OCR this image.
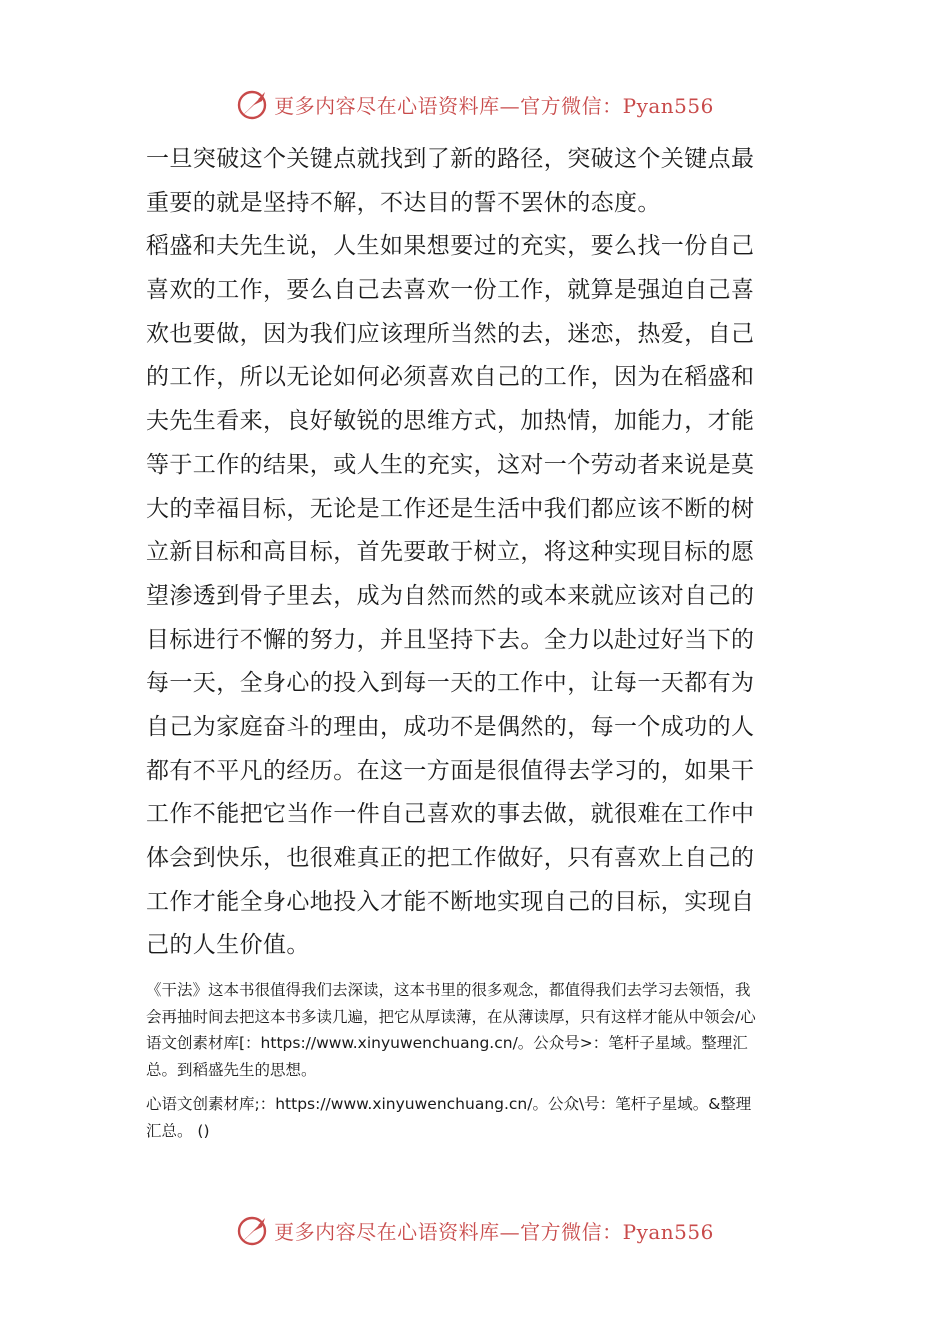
更多内容尽在心语资料库—官方微信：Pyan556
一旦突破这个关键点就找到了新的路径，突破这个关键点最
重要的就是坚持不解，不达目的誓不罢休的态度。
稻盛和夫先生说，人生如果想要过的充实，要么找一份自己
喜欢的工作，要么自己去喜欢一份工作，就算是强迫自己喜
欢也要做，因为我们应该理所当然的去，迷恋，热爱，自己
的工作，所以无论如何必须喜欢自己的工作，因为在稻盛和
夫先生看来，良好敏锐的思维方式，加热情，加能力，才能
等于工作的结果，或人生的充实，这对一个劳动者来说是莫
大的幸福目标，无论是工作还是生活中我们都应该不断的树
立新目标和高目标，首先要敢于树立，将这种实现目标的愿
望渗透到骨子里去，成为自然而然的或本来就应该对自己的
目标进行不懈的努力，并且坚持下去。全力以赴过好当下的
每一天，全身心的投入到每一天的工作中，让每一天都有为
自己为家庭奋斗的理由，成功不是偶然的，每一个成功的人
都有不平凡的经历。在这一方面是很值得去学习的，如果干
工作不能把它当作一件自己喜欢的事去做，就很难在工作中
体会到快乐，也很难真正的把工作做好，只有喜欢上自己的
工作才能全身心地投入才能不断地实现自己的目标，实现自
己的人生价值。
《干法》这本书很值得我们去深读，这本书里的很多观念，都值得我们去学习去领悟，我
会再抽时间去把这本书多读几遍，把它从厚读薄，在从薄读厚，只有这样才能从中领会/心
语文创素材库[：https://www.xinyuwenchuang.cn/。公众号>：笔杆子星域。整理汇
总。到稻盛先生的思想。
心语文创素材库;：https://www.xinyuwenchuang.cn/。公众\号：笔杆子星域。&整理
汇总。 ()
更多内容尽在心语资料库—官方微信：Pyan556
